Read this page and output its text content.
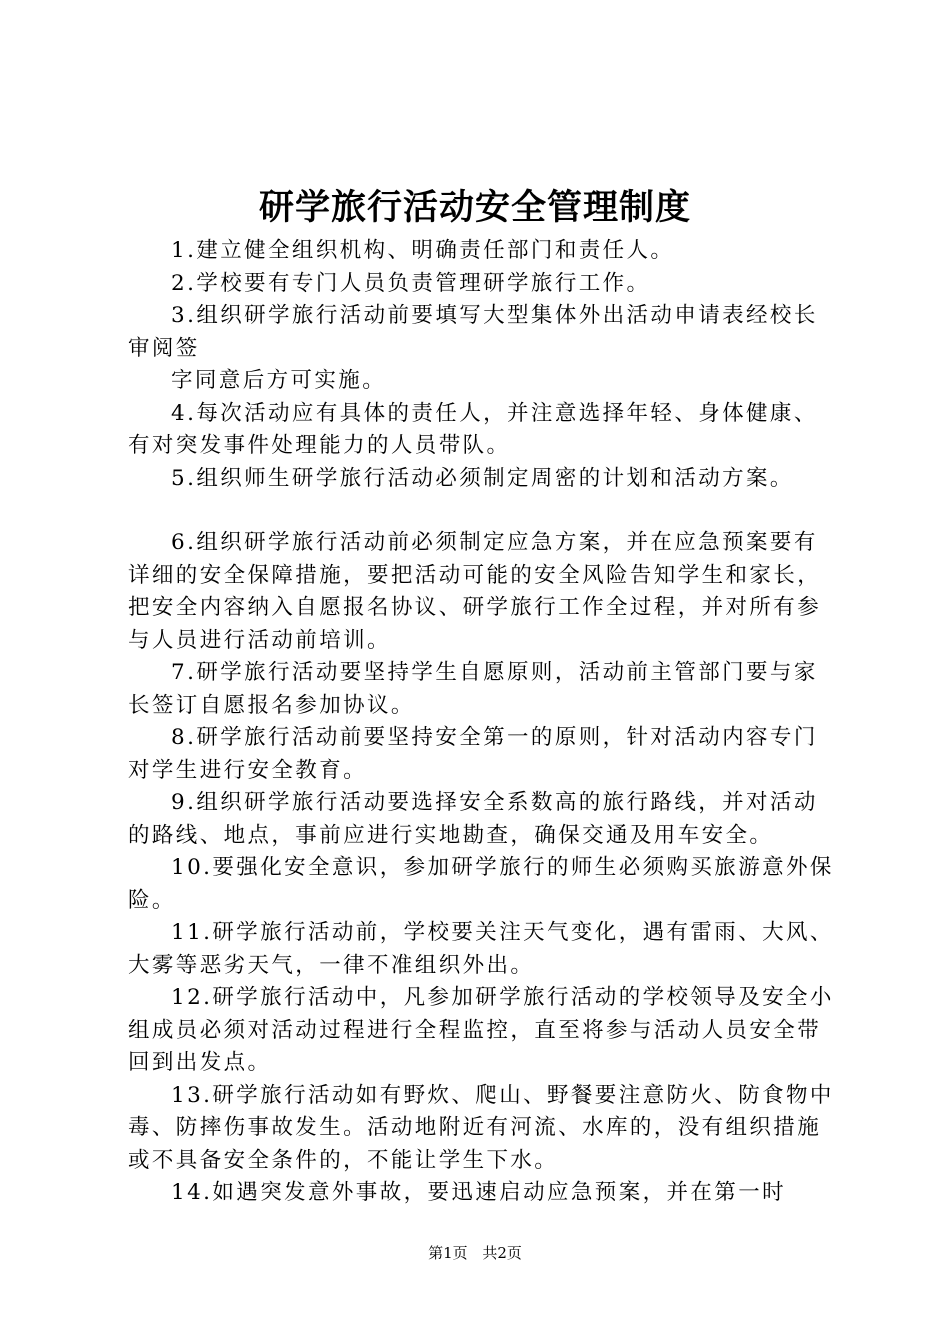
研学旅行活动安全管理制度

1.建立健全组织机构、明确责任部门和责任人。

2.学校要有专门人员负责管理研学旅行工作。

3.组织研学旅行活动前要填写大型集体外出活动申请表经校长审阅签

字同意后方可实施。

4.每次活动应有具体的责任人，并注意选择年轻、身体健康、有对突发事件处理能力的人员带队。

5.组织师生研学旅行活动必须制定周密的计划和活动方案。

6.组织研学旅行活动前必须制定应急方案，并在应急预案要有详细的安全保障措施，要把活动可能的安全风险告知学生和家长，把安全内容纳入自愿报名协议、研学旅行工作全过程，并对所有参与人员进行活动前培训。

7.研学旅行活动要坚持学生自愿原则，活动前主管部门要与家长签订自愿报名参加协议。

8.研学旅行活动前要坚持安全第一的原则，针对活动内容专门对学生进行安全教育。

9.组织研学旅行活动要选择安全系数高的旅行路线，并对活动的路线、地点，事前应进行实地勘查，确保交通及用车安全。

10.要强化安全意识，参加研学旅行的师生必须购买旅游意外保险。

11.研学旅行活动前，学校要关注天气变化，遇有雷雨、大风、大雾等恶劣天气，一律不准组织外出。

12.研学旅行活动中，凡参加研学旅行活动的学校领导及安全小组成员必须对活动过程进行全程监控，直至将参与活动人员安全带回到出发点。

13.研学旅行活动如有野炊、爬山、野餐要注意防火、防食物中毒、防摔伤事故发生。活动地附近有河流、水库的，没有组织措施或不具备安全条件的，不能让学生下水。

14.如遇突发意外事故，要迅速启动应急预案，并在第一时

第1页 共2页
